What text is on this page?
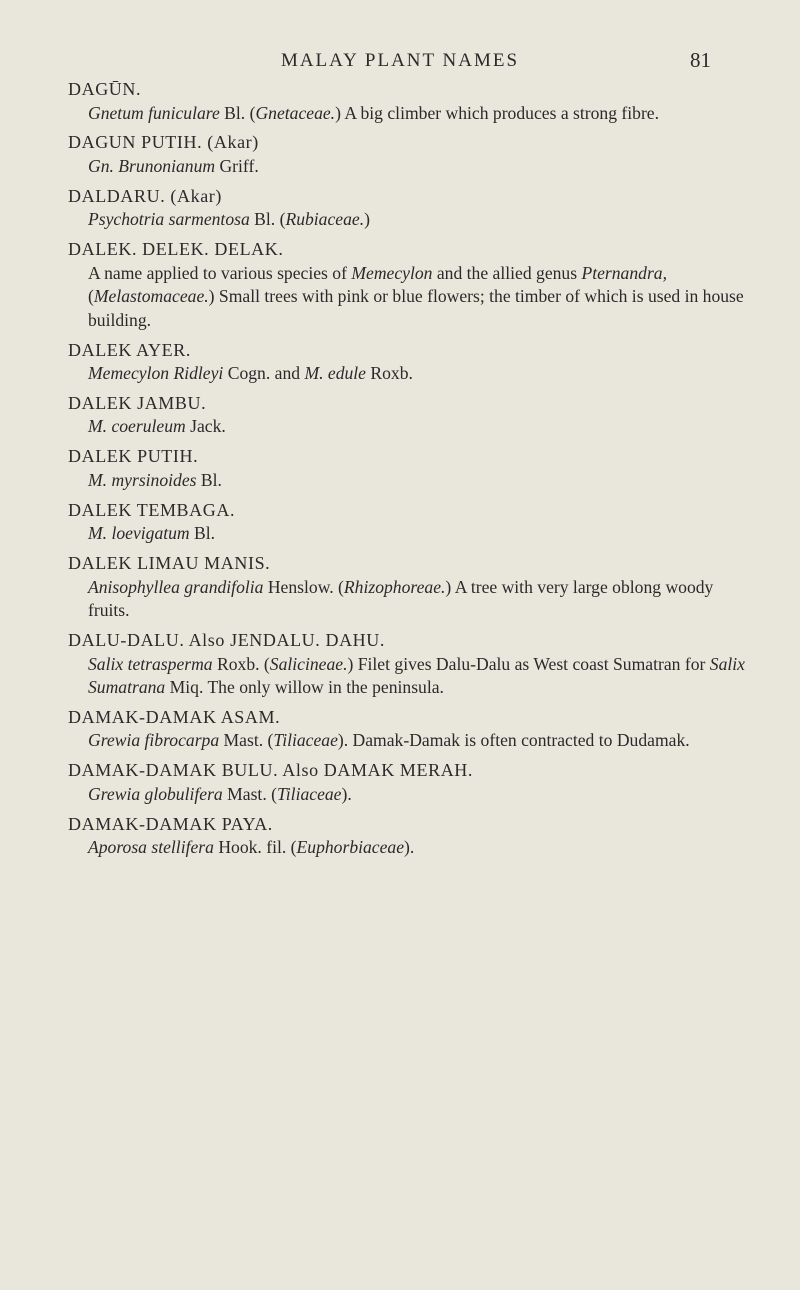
MALAY PLANT NAMES	81
DAGŪN.
Gnetum funiculare Bl. (Gnetaceae.) A big climber which produces a strong fibre.
DAGUN PUTIH. (Akar)
Gn. Brunonianum Griff.
DALDARU. (Akar)
Psychotria sarmentosa Bl. (Rubiaceae.)
DALEK. DELEK. DELAK.
A name applied to various species of Memecylon and the allied genus Pternandra, (Melastomaceae.) Small trees with pink or blue flowers; the timber of which is used in house building.
DALEK AYER.
Memecylon Ridleyi Cogn. and M. edule Roxb.
DALEK JAMBU.
M. coeruleum Jack.
DALEK PUTIH.
M. myrsinoides Bl.
DALEK TEMBAGA.
M. loevigatum Bl.
DALEK LIMAU MANIS.
Anisophyllea grandifolia Henslow. (Rhizophoreae.) A tree with very large oblong woody fruits.
DALU-DALU. Also JENDALU. DAHU.
Salix tetrasperma Roxb. (Salicineae.) Filet gives Dalu-Dalu as West coast Sumatran for Salix Sumatrana Miq. The only willow in the peninsula.
DAMAK-DAMAK ASAM.
Grewia fibrocarpa Mast. (Tiliaceae). Damak-Damak is often contracted to Dudamak.
DAMAK-DAMAK BULU. Also DAMAK MERAH.
Grewia globulifera Mast. (Tiliaceae).
DAMAK-DAMAK PAYA.
Aporosa stellifera Hook. fil. (Euphorbiaceae).
